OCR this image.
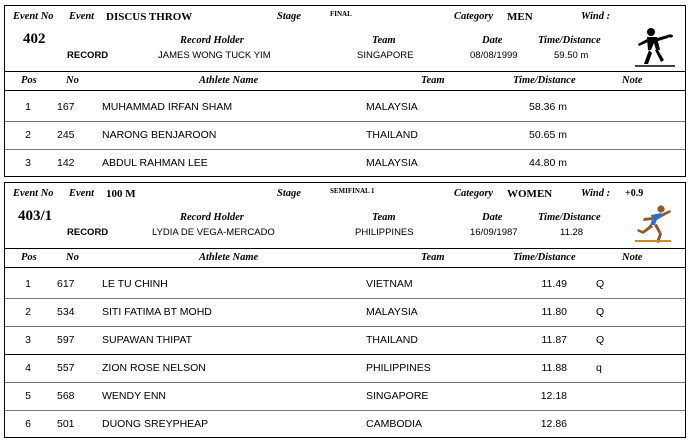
Event No Event DISCUS THROW	Stage	FINAL	Category MEN	Wind :
402	Record Holder	Team	Date	Time/Distance
RECORD	JAMES WONG TUCK YIM	SINGAPORE	08/08/1999	59.50 m
Pos	No	Athlete Name	Team	Time/Distance	Note
1 167	MUHAMMAD IRFAN SHAM	MALAYSIA	58.36 m
2 245	NARONG BENJAROON	THAILAND	50.65 m
3 142	ABDUL RAHMAN LEE	MALAYSIA	44.80 m
Event No Event 100 M	Stage	SEMIFINAL 1	Category WOMEN	Wind : +0.9
403/1	Record Holder	Team	Date	Time/Distance
RECORD	LYDIA DE VEGA-MERCADO	PHILIPPINES	16/09/1987	11.28
Pos	No	Athlete Name	Team	Time/Distance	Note
1 617	LE TU CHINH	VIETNAM	11.49	Q
2 534	SITI FATIMA BT MOHD	MALAYSIA	11.80	Q
3 597	SUPAWAN THIPAT	THAILAND	11.87	Q
4 557	ZION ROSE NELSON	PHILIPPINES	11.88	q
5 568	WENDY ENN	SINGAPORE	12.18
6 501	DUONG SREYPHEAP	CAMBODIA	12.86
